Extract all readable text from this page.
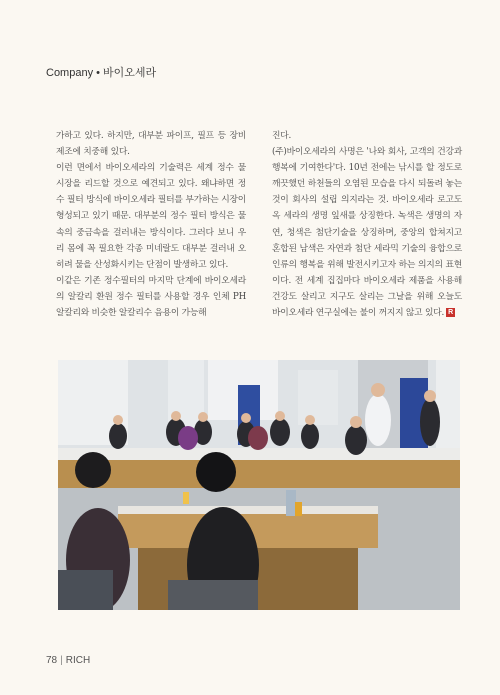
Company • 바이오세라

가하고 있다. 하지만, 대부분 파이프, 필프 등 장비 제조에 치중해 있다.

이런 면에서 바이오세라의 기술력은 세계 정수 물 시장을 리드할 것으로 예견되고 있다. 왜냐하면 정수 필터 방식에 바이오세라 필터를 부가하는 시장이 형성되고 있기 때문. 대부분의 정수 필터 방식은 물 속의 중금속을 걸러내는 방식이다. 그러다 보니 우리 몸에 꼭 필요한 각종 미네랄도 대부분 걸러내 오히려 물을 산성화시키는 단점이 발생하고 있다.

이같은 기존 정수필터의 마지막 단계에 바이오세라의 알칼리 환원 정수 필터를 사용할 경우 인체 PH 알칼리와 비슷한 알칼리수 음용이 가능해

진다.

(주)바이오세라의 사명은 '나와 회사, 고객의 건강과 행복에 기여한다'다. 10년 전에는 낚시를 할 정도로 깨끗했던 하천들의 오염된 모습을 다시 되돌려 놓는 것이 회사의 설립 의지라는 것. 바이오세라 로고도 옥 세라의 생명 잎새를 상징한다. 녹색은 생명의 자연, 청색은 첨단기술을 상징하며, 중앙의 합쳐지고 혼합된 남색은 자연과 첨단 세라믹 기술의 융합으로 인류의 행복을 위해 발전시키고자 하는 의지의 표현이다. 전 세계 집집마다 바이오세라 제품을 사용해 건강도 살리고 지구도 살리는 그날을 위해 오늘도 바이오세라 연구실에는 불이 꺼지지 않고 있다. R

78 | RICH
